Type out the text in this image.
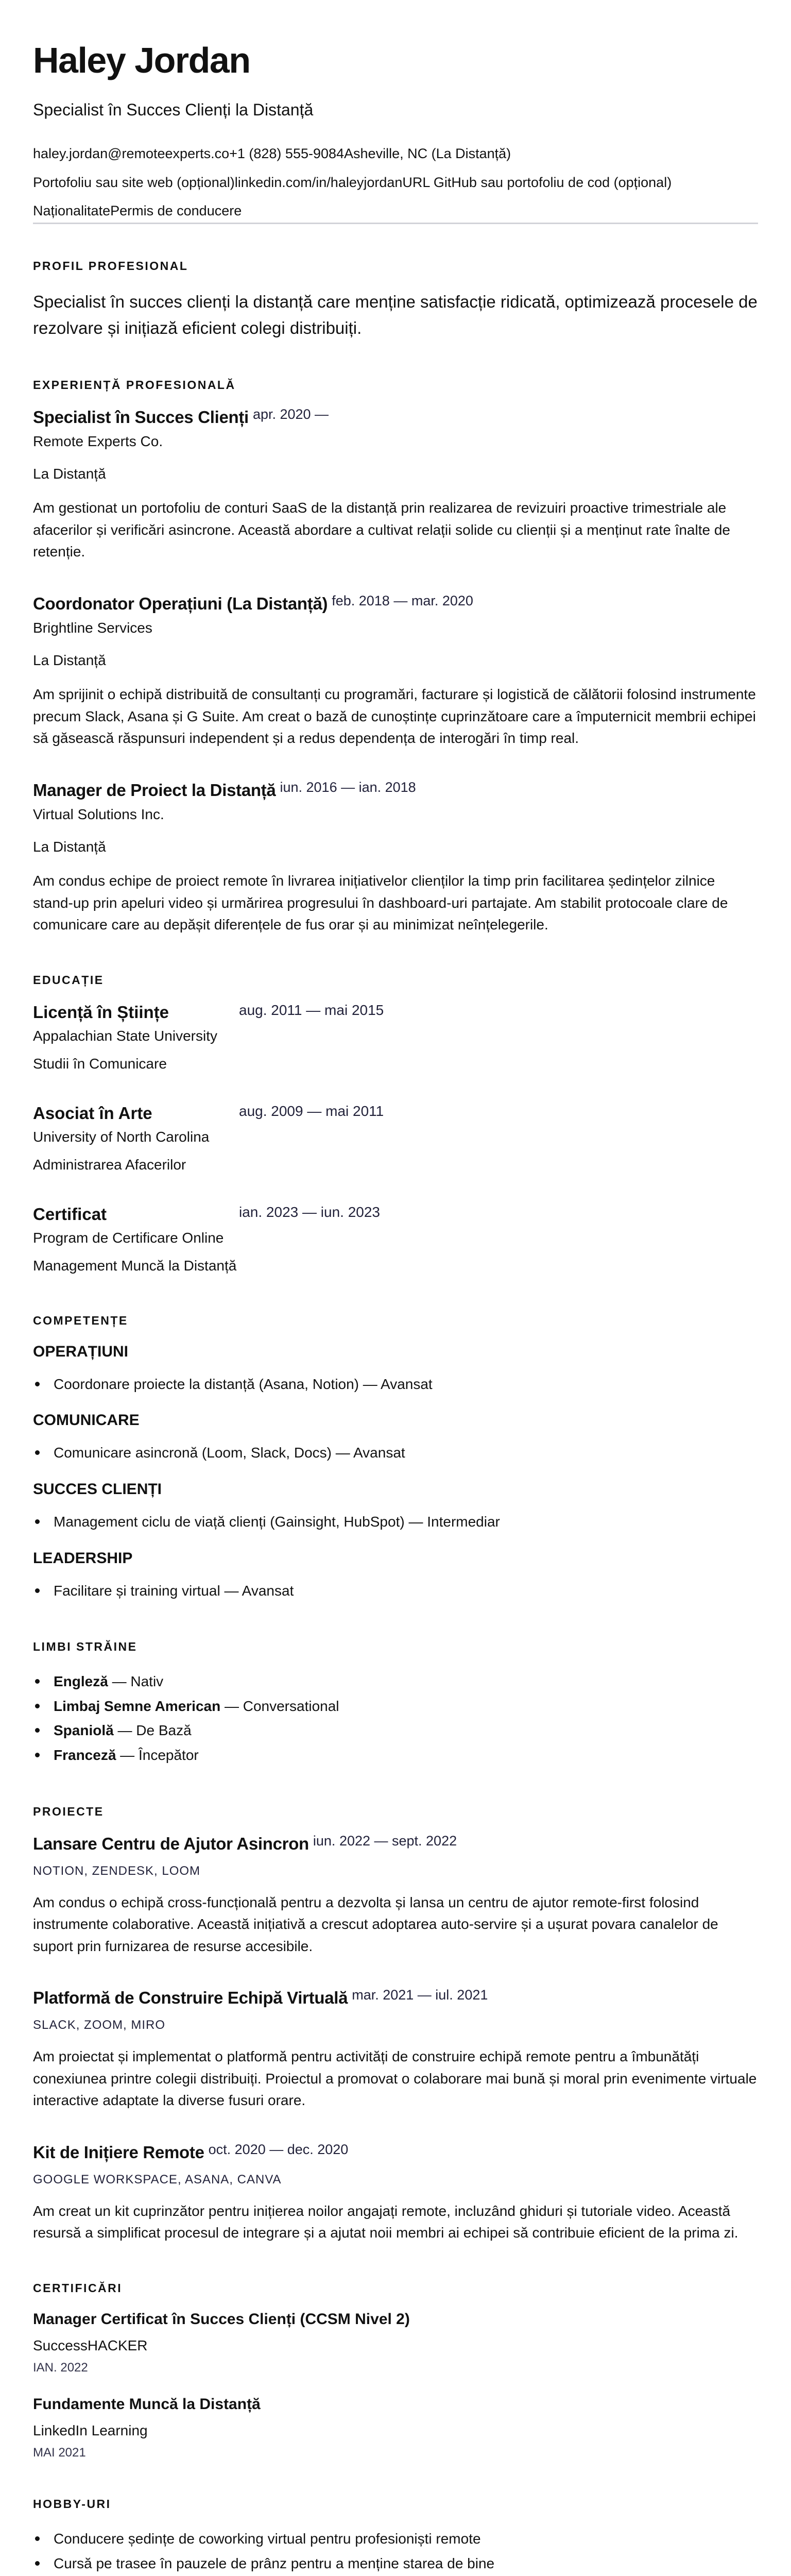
Haley Jordan
Specialist în Succes Clienți la Distanță
haley.jordan@remoteexperts.co+1 (828) 555-9084Asheville, NC (La Distanță)
Portofoliu sau site web (opțional)linkedin.com/in/haleyjordanURL GitHub sau portofoliu de cod (opțional)
NaționalitatePermis de conducere
PROFIL PROFESIONAL

Specialist în succes clienți la distanță care menține satisfacție ridicată, optimizează procesele de rezolvare și inițiază eficient colegi distribuiți.

EXPERIENȚĂ PROFESIONALĂ
Specialist în Succes Clienți apr. 2020 —
Remote Experts Co.
La Distanță

Am gestionat un portofoliu de conturi SaaS de la distanță prin realizarea de revizuiri proactive trimestriale ale afacerilor și verificări asincrone. Această abordare a cultivat relații solide cu clienții și a menținut rate înalte de retenție.

Coordonator Operațiuni (La Distanță) feb. 2018 — mar. 2020
Brightline Services
La Distanță

Am sprijinit o echipă distribuită de consultanți cu programări, facturare și logistică de călătorii folosind instrumente precum Slack, Asana și G Suite. Am creat o bază de cunoștințe cuprinzătoare care a împuternicit membrii echipei să găsească răspunsuri independent și a redus dependența de interogări în timp real.

Manager de Proiect la Distanță iun. 2016 — ian. 2018
Virtual Solutions Inc.
La Distanță

Am condus echipe de proiect remote în livrarea inițiativelor clienților la timp prin facilitarea ședințelor zilnice stand-up prin apeluri video și urmărirea progresului în dashboard-uri partajate. Am stabilit protocoale clare de comunicare care au depășit diferențele de fus orar și au minimizat neînțelegerile.

EDUCAȚIE
Licență în Științe	aug. 2011 — mai 2015
Appalachian State University
Studii în Comunicare
Asociat în Arte	aug. 2009 — mai 2011
University of North Carolina
Administrarea Afacerilor
Certificat	ian. 2023 — iun. 2023
Program de Certificare Online
Management Muncă la Distanță
COMPETENȚE
OPERAȚIUNI
Coordonare proiecte la distanță (Asana, Notion) — Avansat
COMUNICARE
Comunicare asincronă (Loom, Slack, Docs) — Avansat
SUCCES CLIENȚI
Management ciclu de viață clienți (Gainsight, HubSpot) — Intermediar
LEADERSHIP
Facilitare și training virtual — Avansat
LIMBI STRĂINE
Engleză — Nativ
Limbaj Semne American — Conversational
Spaniolă — De Bază
Franceză — Începător
PROIECTE
Lansare Centru de Ajutor Asincron iun. 2022 — sept. 2022
NOTION, ZENDESK, LOOM

Am condus o echipă cross-funcțională pentru a dezvolta și lansa un centru de ajutor remote-first folosind instrumente colaborative. Această inițiativă a crescut adoptarea auto-servire și a ușurat povara canalelor de suport prin furnizarea de resurse accesibile.

Platformă de Construire Echipă Virtuală mar. 2021 — iul. 2021
SLACK, ZOOM, MIRO

Am proiectat și implementat o platformă pentru activități de construire echipă remote pentru a îmbunătăți conexiunea printre colegii distribuiți. Proiectul a promovat o colaborare mai bună și moral prin evenimente virtuale interactive adaptate la diverse fusuri orare.

Kit de Inițiere Remote oct. 2020 — dec. 2020
GOOGLE WORKSPACE, ASANA, CANVA

Am creat un kit cuprinzător pentru inițierea noilor angajați remote, incluzând ghiduri și tutoriale video. Această resursă a simplificat procesul de integrare și a ajutat noii membri ai echipei să contribuie eficient de la prima zi.

CERTIFICĂRI
Manager Certificat în Succes Clienți (CCSM Nivel 2)
SuccessHACKER
IAN. 2022
Fundamente Muncă la Distanță
LinkedIn Learning
MAI 2021
HOBBY-URI
Conducere ședințe de coworking virtual pentru profesioniști remote
Cursă pe trasee în pauzele de prânz pentru a menține starea de bine
